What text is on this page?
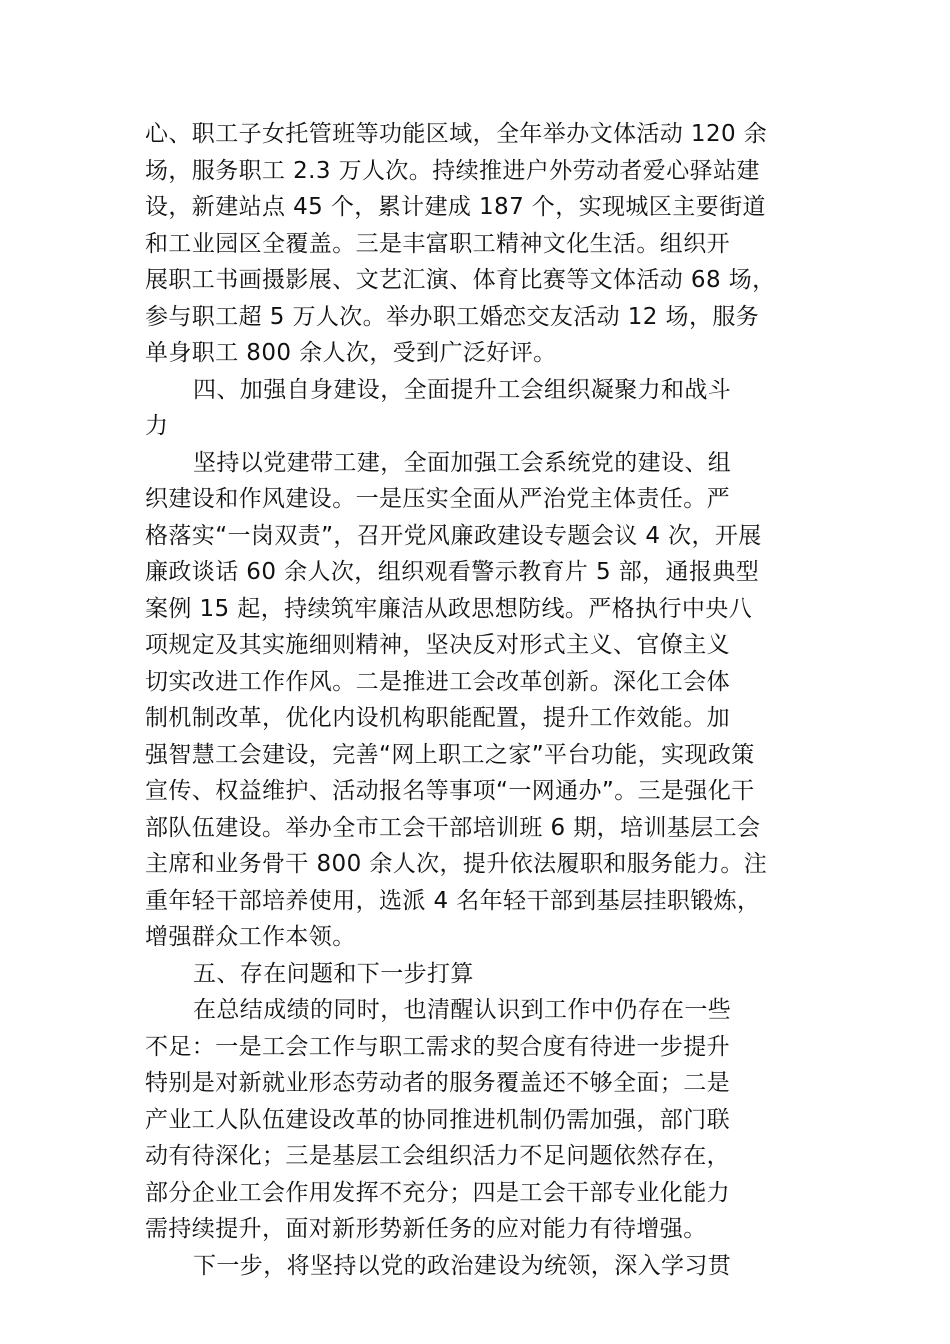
心、职工子女托管班等功能区域，全年举办文体活动 120 余
场，服务职工 2.3 万人次。持续推进户外劳动者爱心驿站建
设，新建站点 45 个，累计建成 187 个，实现城区主要街道
和工业园区全覆盖。三是丰富职工精神文化生活。组织开
展职工书画摄影展、文艺汇演、体育比赛等文体活动 68 场，
参与职工超 5 万人次。举办职工婚恋交友活动 12 场，服务
单身职工 800 余人次，受到广泛好评。
四、加强自身建设，全面提升工会组织凝聚力和战斗
力
坚持以党建带工建，全面加强工会系统党的建设、组
织建设和作风建设。一是压实全面从严治党主体责任。严
格落实“一岗双责”，召开党风廉政建设专题会议 4 次，开展
廉政谈话 60 余人次，组织观看警示教育片 5 部，通报典型
案例 15 起，持续筑牢廉洁从政思想防线。严格执行中央八
项规定及其实施细则精神，坚决反对形式主义、官僚主义
切实改进工作作风。二是推进工会改革创新。深化工会体
制机制改革，优化内设机构职能配置，提升工作效能。加
强智慧工会建设，完善“网上职工之家”平台功能，实现政策
宣传、权益维护、活动报名等事项“一网通办”。三是强化干
部队伍建设。举办全市工会干部培训班 6 期，培训基层工会
主席和业务骨干 800 余人次，提升依法履职和服务能力。注
重年轻干部培养使用，选派 4 名年轻干部到基层挂职锻炼，
增强群众工作本领。
五、存在问题和下一步打算
在总结成绩的同时，也清醒认识到工作中仍存在一些
不足：一是工会工作与职工需求的契合度有待进一步提升
特别是对新就业形态劳动者的服务覆盖还不够全面；二是
产业工人队伍建设改革的协同推进机制仍需加强，部门联
动有待深化；三是基层工会组织活力不足问题依然存在，
部分企业工会作用发挥不充分；四是工会干部专业化能力
需持续提升，面对新形势新任务的应对能力有待增强。
下一步，将坚持以党的政治建设为统领，深入学习贯
